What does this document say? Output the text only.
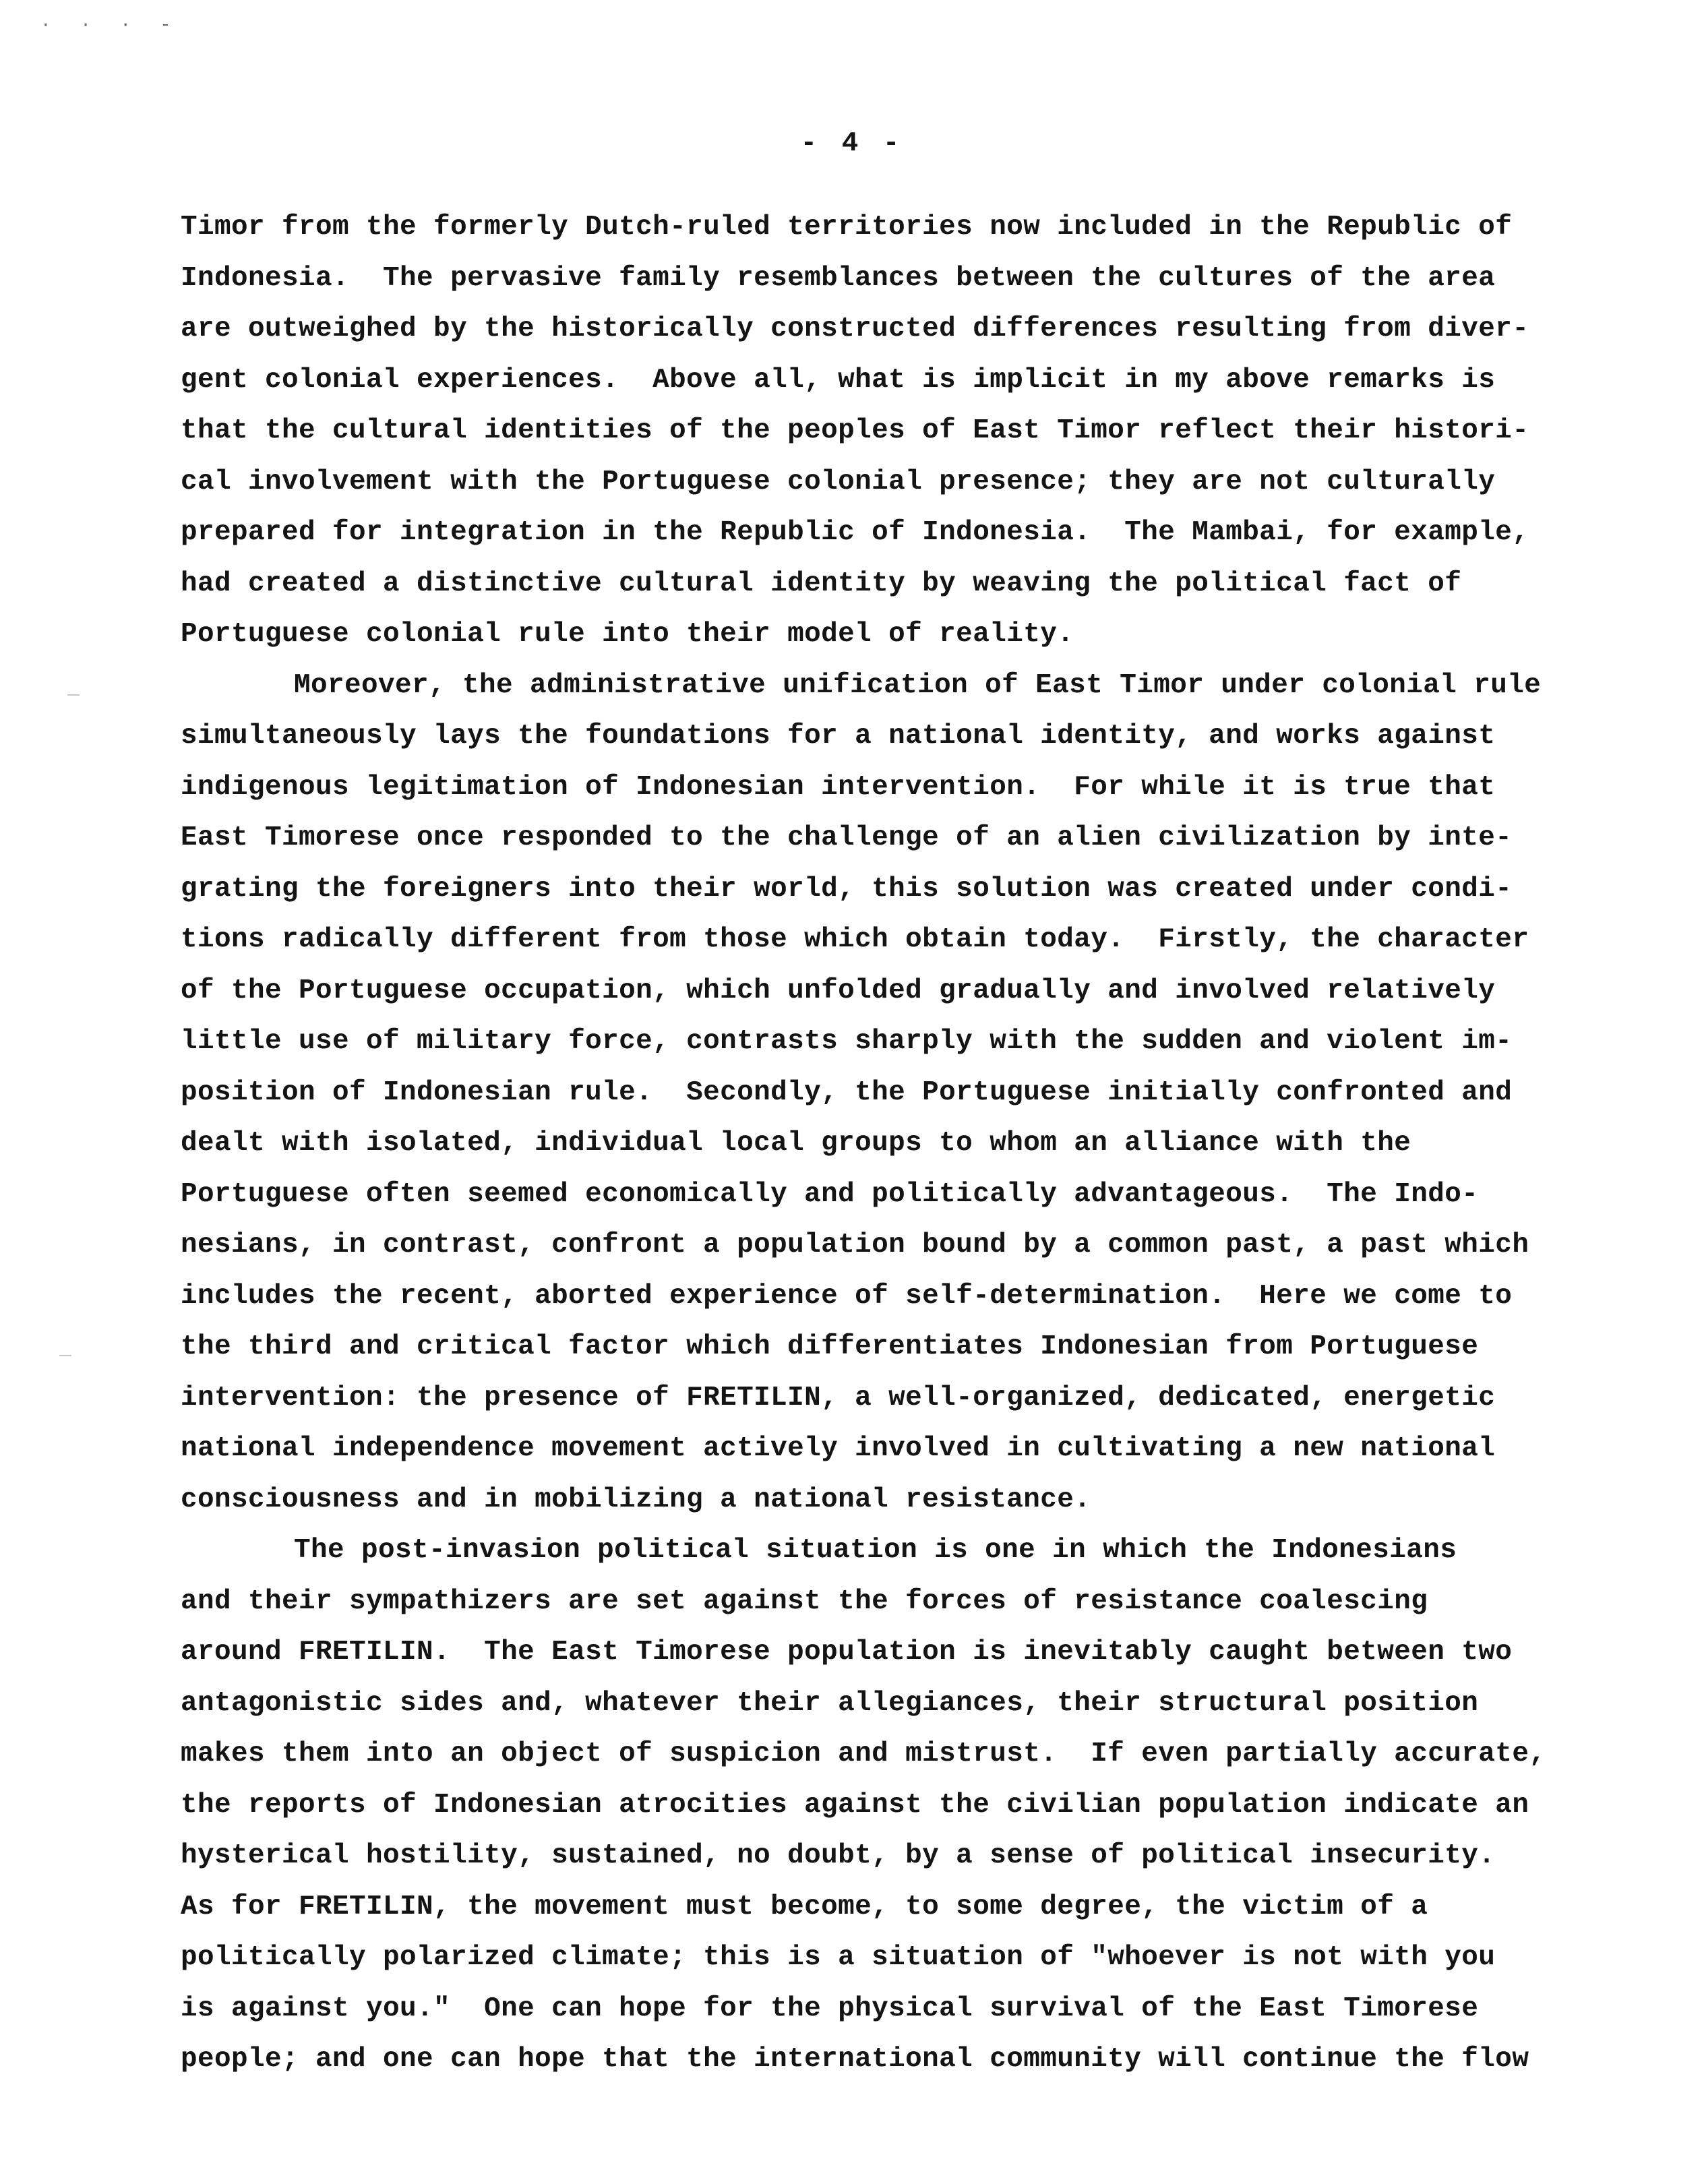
· · · -
- 4 -
Timor from the formerly Dutch-ruled territories now included in the Republic of
Indonesia.  The pervasive family resemblances between the cultures of the area
are outweighed by the historically constructed differences resulting from diver-
gent colonial experiences.  Above all, what is implicit in my above remarks is
that the cultural identities of the peoples of East Timor reflect their histori-
cal involvement with the Portuguese colonial presence; they are not culturally
prepared for integration in the Republic of Indonesia.  The Mambai, for example,
had created a distinctive cultural identity by weaving the political fact of
Portuguese colonial rule into their model of reality.
Moreover, the administrative unification of East Timor under colonial rule
simultaneously lays the foundations for a national identity, and works against
indigenous legitimation of Indonesian intervention.  For while it is true that
East Timorese once responded to the challenge of an alien civilization by inte-
grating the foreigners into their world, this solution was created under condi-
tions radically different from those which obtain today.  Firstly, the character
of the Portuguese occupation, which unfolded gradually and involved relatively
little use of military force, contrasts sharply with the sudden and violent im-
position of Indonesian rule.  Secondly, the Portuguese initially confronted and
dealt with isolated, individual local groups to whom an alliance with the
Portuguese often seemed economically and politically advantageous.  The Indo-
nesians, in contrast, confront a population bound by a common past, a past which
includes the recent, aborted experience of self-determination.  Here we come to
the third and critical factor which differentiates Indonesian from Portuguese
intervention: the presence of FRETILIN, a well-organized, dedicated, energetic
national independence movement actively involved in cultivating a new national
consciousness and in mobilizing a national resistance.
The post-invasion political situation is one in which the Indonesians
and their sympathizers are set against the forces of resistance coalescing
around FRETILIN.  The East Timorese population is inevitably caught between two
antagonistic sides and, whatever their allegiances, their structural position
makes them into an object of suspicion and mistrust.  If even partially accurate,
the reports of Indonesian atrocities against the civilian population indicate an
hysterical hostility, sustained, no doubt, by a sense of political insecurity.
As for FRETILIN, the movement must become, to some degree, the victim of a
politically polarized climate; this is a situation of "whoever is not with you
is against you."  One can hope for the physical survival of the East Timorese
people; and one can hope that the international community will continue the flow
